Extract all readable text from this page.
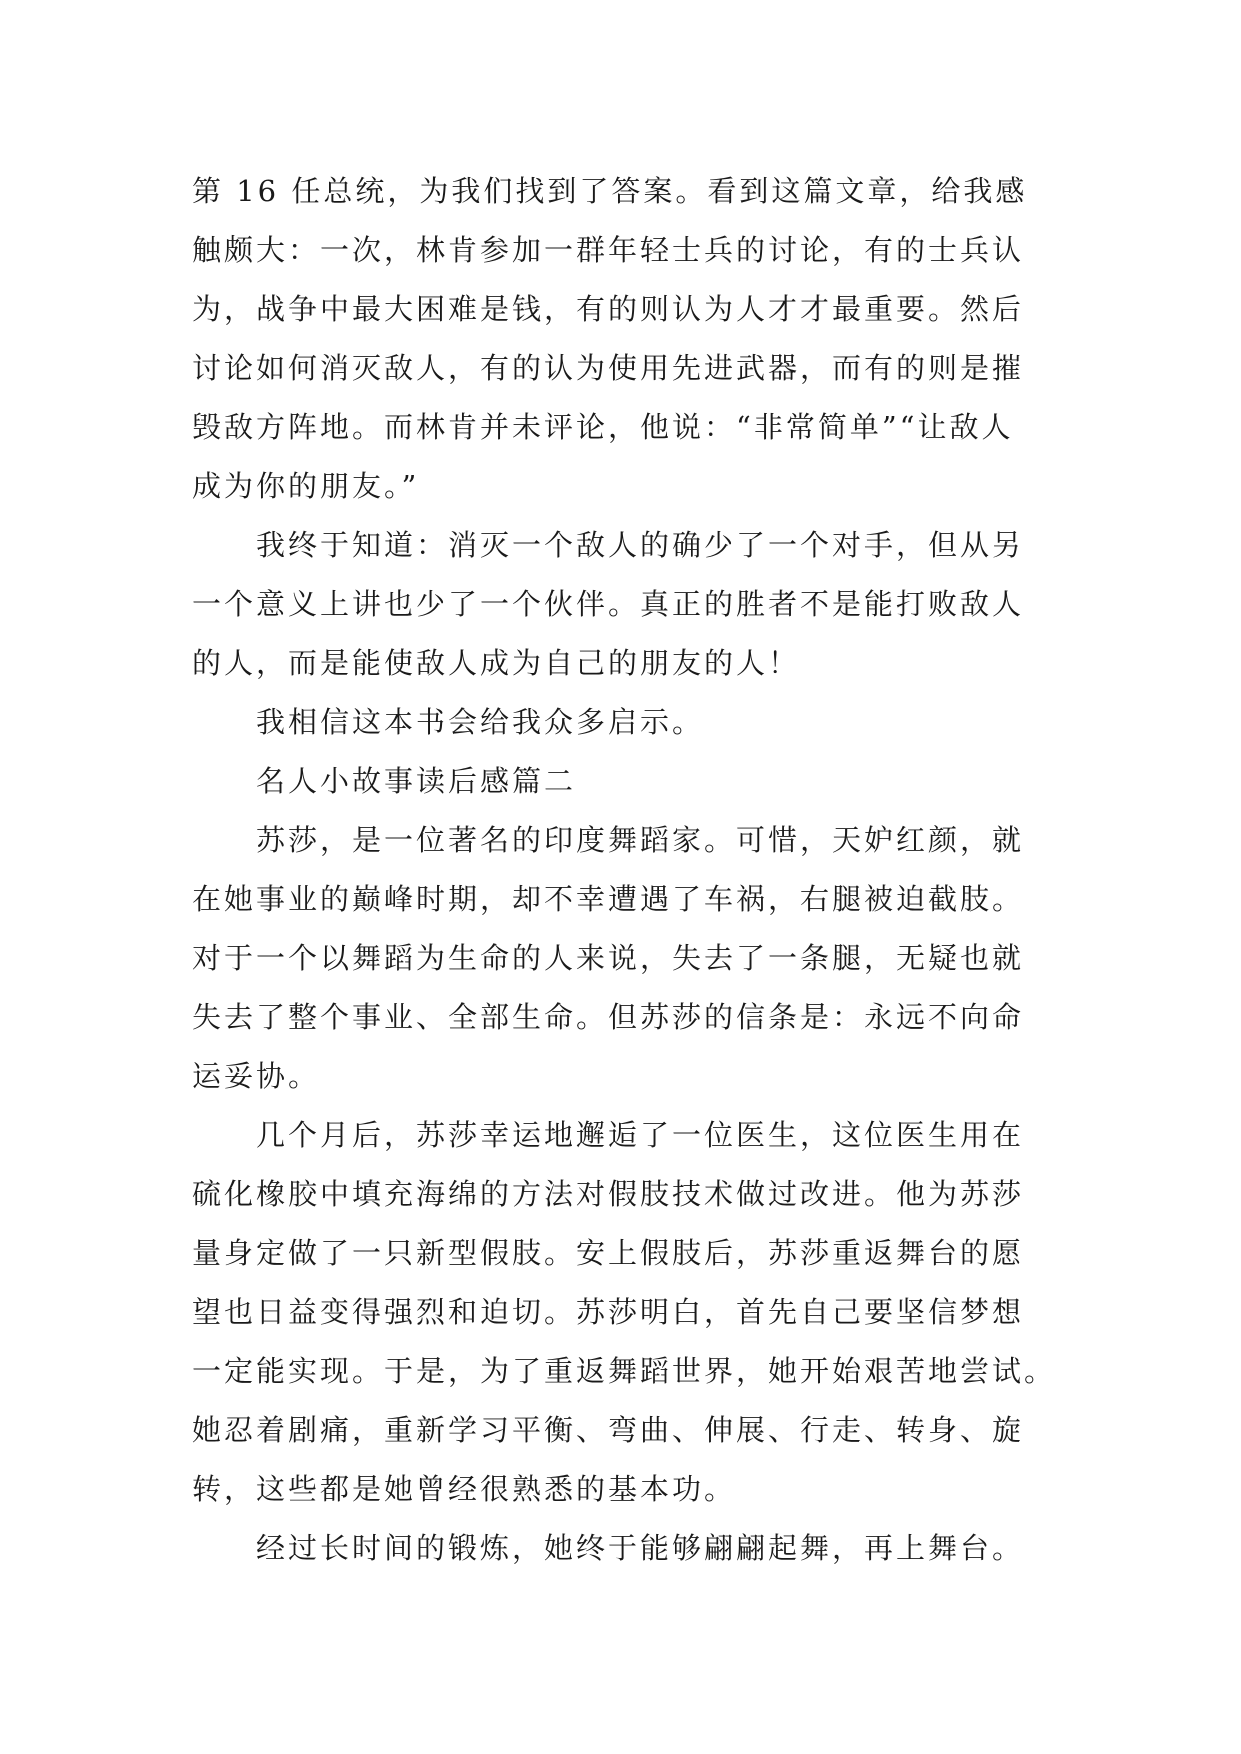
第 16 任总统，为我们找到了答案。看到这篇文章，给我感
触颇大：一次，林肯参加一群年轻士兵的讨论，有的士兵认
为，战争中最大困难是钱，有的则认为人才才最重要。然后
讨论如何消灭敌人，有的认为使用先进武器，而有的则是摧
毁敌方阵地。而林肯并未评论，他说：“非常简单”“让敌人
成为你的朋友。”
我终于知道：消灭一个敌人的确少了一个对手，但从另
一个意义上讲也少了一个伙伴。真正的胜者不是能打败敌人
的人，而是能使敌人成为自己的朋友的人！
我相信这本书会给我众多启示。
名人小故事读后感篇二
苏莎，是一位著名的印度舞蹈家。可惜，天妒红颜，就
在她事业的巅峰时期，却不幸遭遇了车祸，右腿被迫截肢。
对于一个以舞蹈为生命的人来说，失去了一条腿，无疑也就
失去了整个事业、全部生命。但苏莎的信条是：永远不向命
运妥协。
几个月后，苏莎幸运地邂逅了一位医生，这位医生用在
硫化橡胶中填充海绵的方法对假肢技术做过改进。他为苏莎
量身定做了一只新型假肢。安上假肢后，苏莎重返舞台的愿
望也日益变得强烈和迫切。苏莎明白，首先自己要坚信梦想
一定能实现。于是，为了重返舞蹈世界，她开始艰苦地尝试。
她忍着剧痛，重新学习平衡、弯曲、伸展、行走、转身、旋
转，这些都是她曾经很熟悉的基本功。
经过长时间的锻炼，她终于能够翩翩起舞，再上舞台。
